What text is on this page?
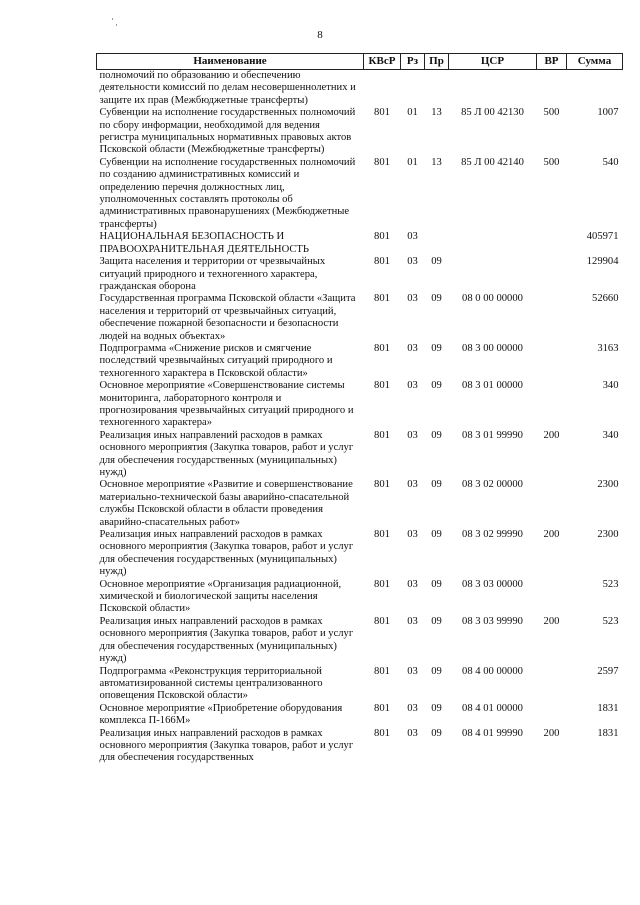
8
Наименование	КВсР	Рз	Пр	ЦСР	ВР	Сумма
полномочий по образованию и обеспечению деятельности комиссий по делам несовершеннолетних и защите их прав (Межбюджетные трансферты)						
Субвенции на исполнение государственных полномочий по сбору информации, необходимой для ведения регистра муниципальных нормативных правовых актов Псковской области (Межбюджетные трансферты)	801	01	13	85 Л 00 42130	500	1007
Субвенции на исполнение государственных полномочий по созданию административных комиссий и определению перечня должностных лиц, уполномоченных составлять протоколы об административных правонарушениях (Межбюджетные трансферты)	801	01	13	85 Л 00 42140	500	540
НАЦИОНАЛЬНАЯ БЕЗОПАСНОСТЬ И ПРАВООХРАНИТЕЛЬНАЯ ДЕЯТЕЛЬНОСТЬ	801	03				405971
Защита населения и территории от чрезвычайных ситуаций природного и техногенного характера, гражданская оборона	801	03	09			129904
Государственная программа Псковской области «Защита населения и территорий от чрезвычайных ситуаций, обеспечение пожарной безопасности и безопасности людей на водных объектах»	801	03	09	08 0 00 00000		52660
Подпрограмма «Снижение рисков и смягчение последствий чрезвычайных ситуаций природного и техногенного характера в Псковской области»	801	03	09	08 3 00 00000		3163
Основное мероприятие «Совершенствование системы мониторинга, лабораторного контроля и прогнозирования чрезвычайных ситуаций природного и техногенного характера»	801	03	09	08 3 01 00000		340
Реализация иных направлений расходов в рамках основного мероприятия (Закупка товаров, работ и услуг для обеспечения государственных (муниципальных) нужд)	801	03	09	08 3 01 99990	200	340
Основное мероприятие «Развитие и совершенствование материально-технической базы аварийно-спасательной службы Псковской области в области проведения аварийно-спасательных работ»	801	03	09	08 3 02 00000		2300
Реализация иных направлений расходов в рамках основного мероприятия (Закупка товаров, работ и услуг для обеспечения государственных (муниципальных) нужд)	801	03	09	08 3 02 99990	200	2300
Основное мероприятие «Организация радиационной, химической и биологической защиты населения Псковской области»	801	03	09	08 3 03 00000		523
Реализация иных направлений расходов в рамках основного мероприятия (Закупка товаров, работ и услуг для обеспечения государственных (муниципальных) нужд)	801	03	09	08 3 03 99990	200	523
Подпрограмма «Реконструкция территориальной автоматизированной системы централизованного оповещения Псковской области»	801	03	09	08 4 00 00000		2597
Основное мероприятие «Приобретение оборудования комплекса П-166М»	801	03	09	08 4 01 00000		1831
Реализация иных направлений расходов в рамках основного мероприятия (Закупка товаров, работ и услуг для обеспечения государственных	801	03	09	08 4 01 99990	200	1831
